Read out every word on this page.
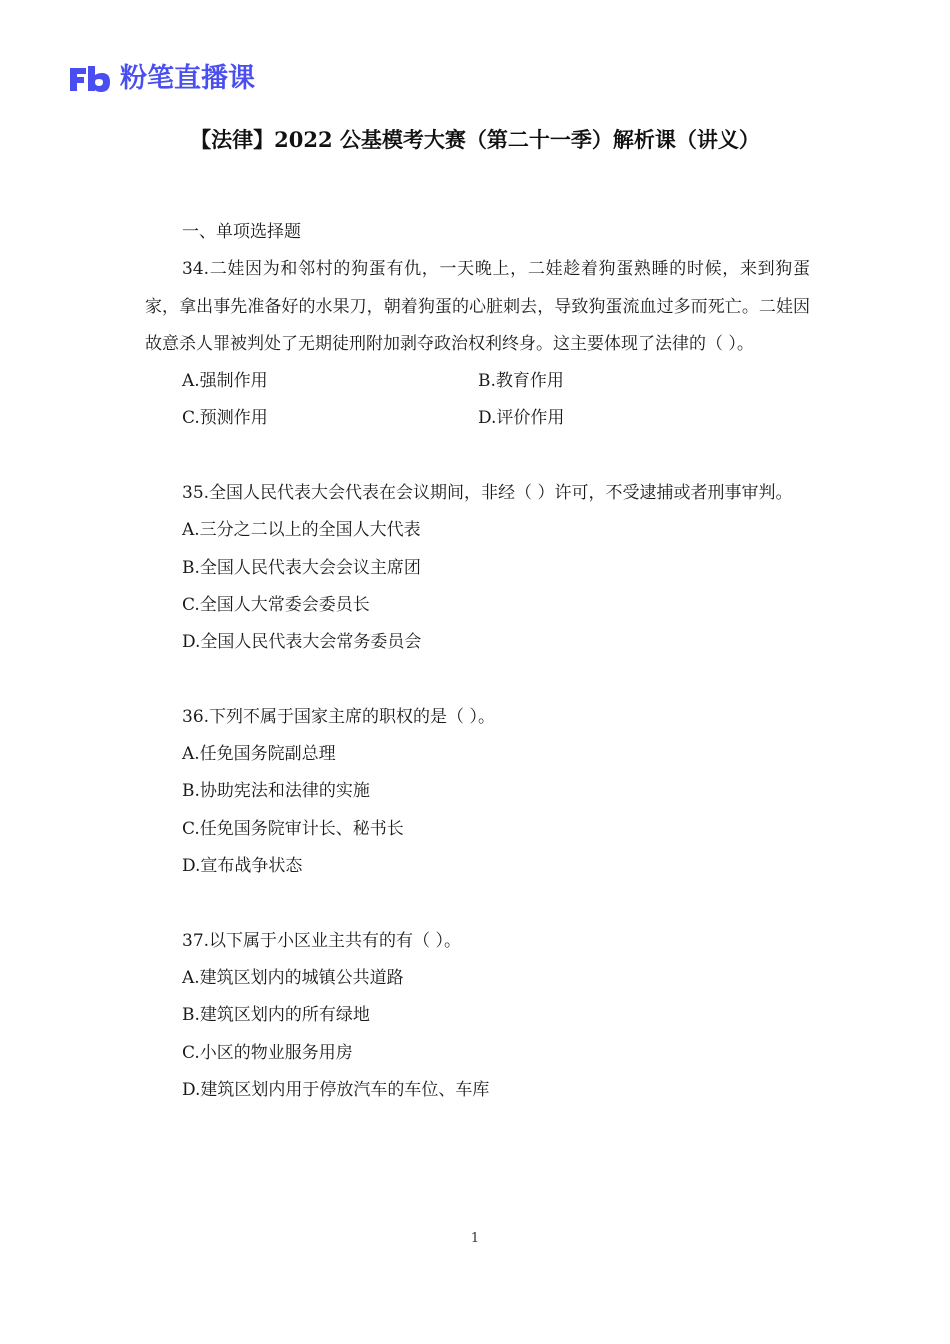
粉笔直播课
【法律】2022 公基模考大赛（第二十一季）解析课（讲义）
一、单项选择题
34.二娃因为和邻村的狗蛋有仇，一天晚上，二娃趁着狗蛋熟睡的时候，来到狗蛋家，拿出事先准备好的水果刀，朝着狗蛋的心脏刺去，导致狗蛋流血过多而死亡。二娃因故意杀人罪被判处了无期徒刑附加剥夺政治权利终身。这主要体现了法律的（ ）。
A.强制作用	B.教育作用
C.预测作用	D.评价作用
35.全国人民代表大会代表在会议期间，非经（ ）许可，不受逮捕或者刑事审判。
A.三分之二以上的全国人大代表
B.全国人民代表大会会议主席团
C.全国人大常委会委员长
D.全国人民代表大会常务委员会
36.下列不属于国家主席的职权的是（ ）。
A.任免国务院副总理
B.协助宪法和法律的实施
C.任免国务院审计长、秘书长
D.宣布战争状态
37.以下属于小区业主共有的有（ ）。
A.建筑区划内的城镇公共道路
B.建筑区划内的所有绿地
C.小区的物业服务用房
D.建筑区划内用于停放汽车的车位、车库
1
